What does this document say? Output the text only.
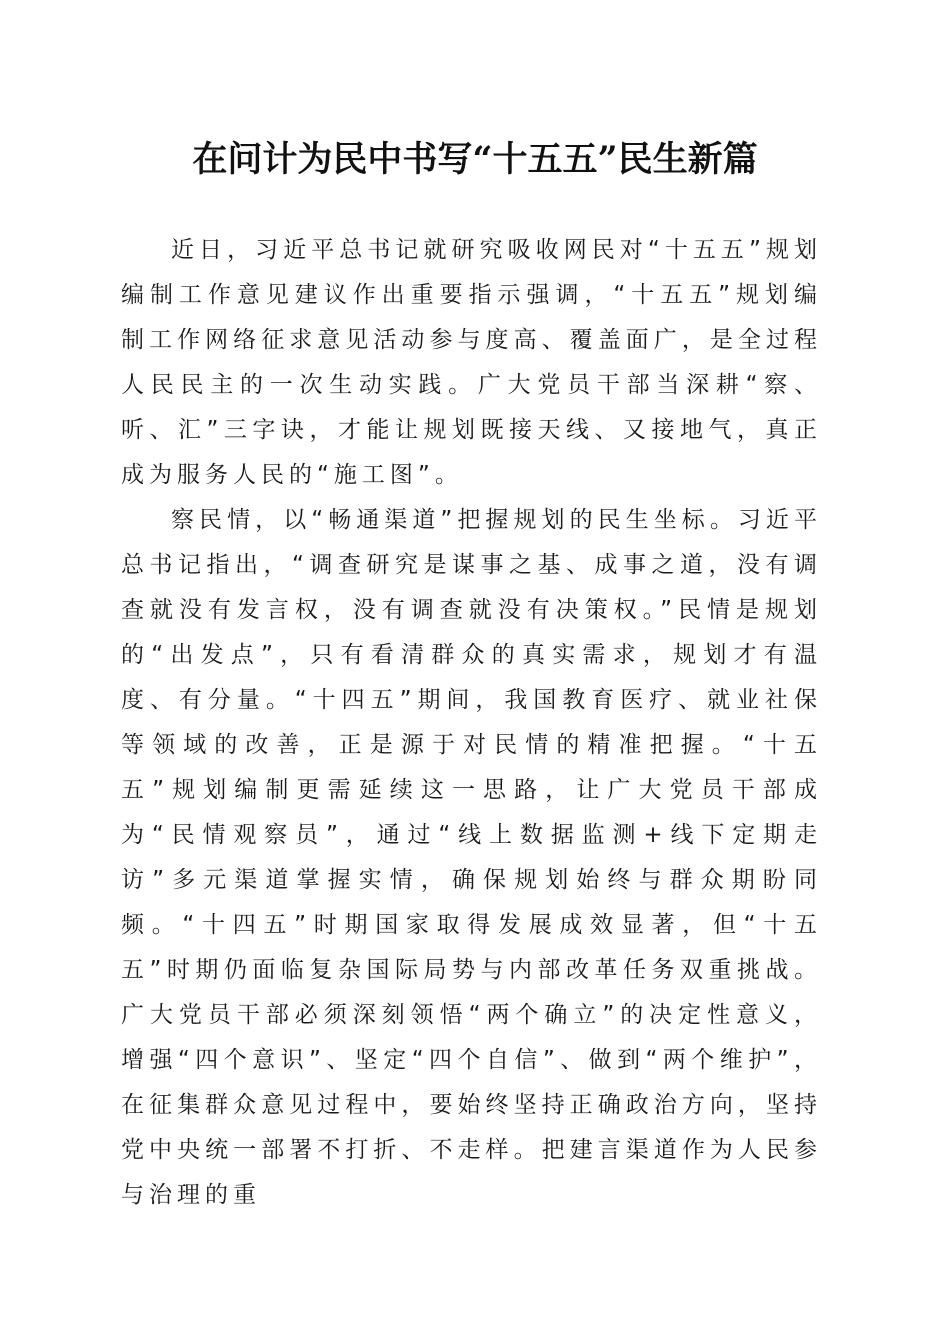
在问计为民中书写“十五五”民生新篇

近日，习近平总书记就研究吸收网民对“十五五”规划编制工作意见建议作出重要指示强调，“十五五”规划编制工作网络征求意见活动参与度高、覆盖面广，是全过程人民民主的一次生动实践。广大党员干部当深耕“察、听、汇”三字诀，才能让规划既接天线、又接地气，真正成为服务人民的“施工图”。

察民情，以“畅通渠道”把握规划的民生坐标。习近平总书记指出，“调查研究是谋事之基、成事之道，没有调查就没有发言权，没有调查就没有决策权。”民情是规划的“出发点”，只有看清群众的真实需求，规划才有温度、有分量。“十四五”期间，我国教育医疗、就业社保等领域的改善，正是源于对民情的精准把握。“十五五”规划编制更需延续这一思路，让广大党员干部成为“民情观察员”，通过“线上数据监测+线下定期走访”多元渠道掌握实情，确保规划始终与群众期盼同频。“十四五”时期国家取得发展成效显著，但“十五五”时期仍面临复杂国际局势与内部改革任务双重挑战。广大党员干部必须深刻领悟“两个确立”的决定性意义，增强“四个意识”、坚定“四个自信”、做到“两个维护”，在征集群众意见过程中，要始终坚持正确政治方向，坚持党中央统一部署不打折、不走样。把建言渠道作为人民参与治理的重
